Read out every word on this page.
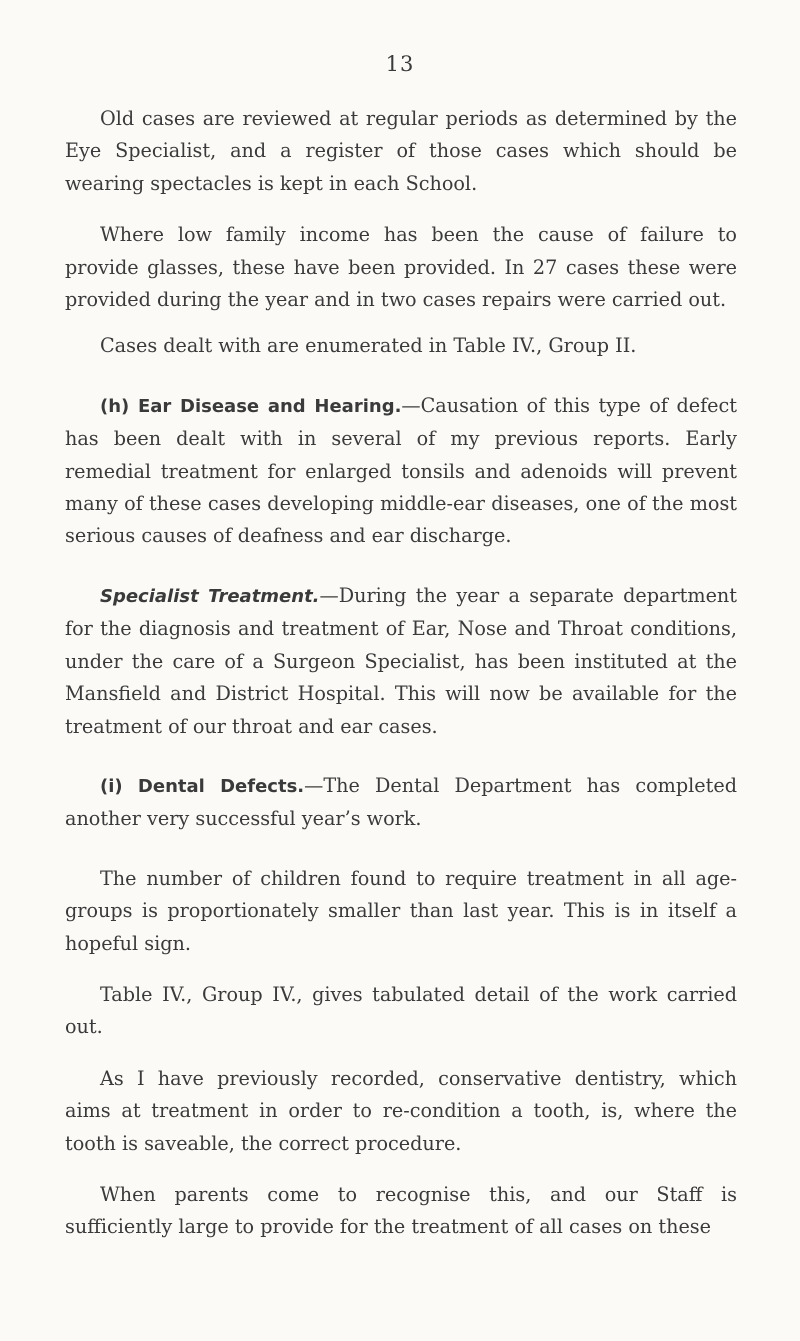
13

Old cases are reviewed at regular periods as determined by the Eye Specialist, and a register of those cases which should be wearing spectacles is kept in each School.

Where low family income has been the cause of failure to provide glasses, these have been provided. In 27 cases these were provided during the year and in two cases repairs were carried out.

Cases dealt with are enumerated in Table IV., Group II.

(h) Ear Disease and Hearing.—Causation of this type of defect has been dealt with in several of my previous reports. Early remedial treatment for enlarged tonsils and adenoids will prevent many of these cases developing middle-ear diseases, one of the most serious causes of deafness and ear discharge.

Specialist Treatment.—During the year a separate department for the diagnosis and treatment of Ear, Nose and Throat conditions, under the care of a Surgeon Specialist, has been instituted at the Mansfield and District Hospital. This will now be available for the treatment of our throat and ear cases.

(i) Dental Defects.—The Dental Department has completed another very successful year’s work.

The number of children found to require treatment in all age-groups is proportionately smaller than last year. This is in itself a hopeful sign.

Table IV., Group IV., gives tabulated detail of the work carried out.

As I have previously recorded, conservative dentistry, which aims at treatment in order to re-condition a tooth, is, where the tooth is saveable, the correct procedure.

When parents come to recognise this, and our Staff is sufficiently large to provide for the treatment of all cases on these
